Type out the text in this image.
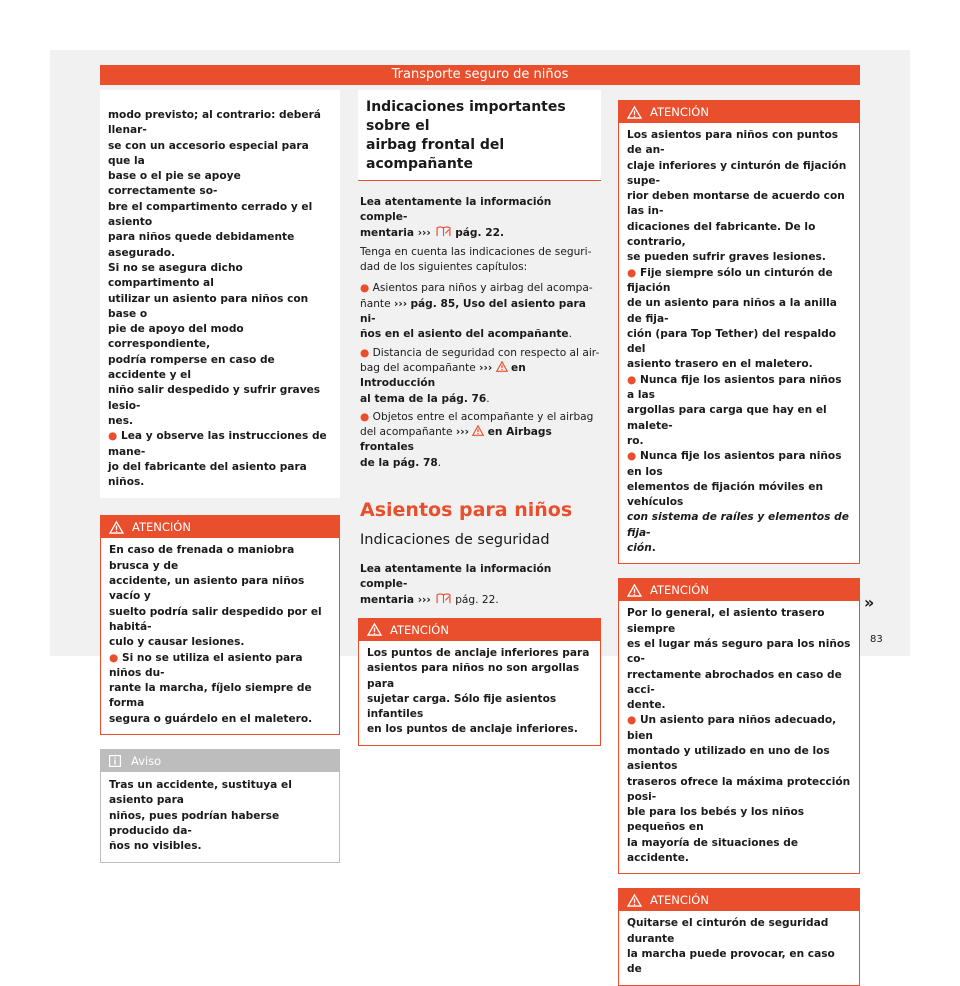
Transporte seguro de niños
modo previsto; al contrario: deberá llenar-
se con un accesorio especial para que la
base o el pie se apoye correctamente so-
bre el compartimento cerrado y el asiento
para niños quede debidamente asegurado.
Si no se asegura dicho compartimento al
utilizar un asiento para niños con base o
pie de apoyo del modo correspondiente,
podría romperse en caso de accidente y el
niño salir despedido y sufrir graves lesio-
nes.
● Lea y observe las instrucciones de mane-
jo del fabricante del asiento para niños.
ATENCIÓN
En caso de frenada o maniobra brusca y de
accidente, un asiento para niños vacío y
suelto podría salir despedido por el habitá-
culo y causar lesiones.
● Si no se utiliza el asiento para niños du-
rante la marcha, fíjelo siempre de forma
segura o guárdelo en el maletero.
Aviso
Tras un accidente, sustituya el asiento para
niños, pues podrían haberse producido da-
ños no visibles.
Indicaciones importantes sobre el
airbag frontal del acompañante
Lea atentamente la información comple-
mentaria ››› pág. 22.
Tenga en cuenta las indicaciones de seguri-
dad de los siguientes capítulos:
● Asientos para niños y airbag del acompa-
ñante ››› pág. 85, Uso del asiento para ni-
ños en el asiento del acompañante.
● Distancia de seguridad con respecto al air-
bag del acompañante ››› en Introducción
al tema de la pág. 76.
● Objetos entre el acompañante y el airbag
del acompañante ››› en Airbags frontales
de la pág. 78.
Asientos para niños
Indicaciones de seguridad
Lea atentamente la información comple-
mentaria ››› pág. 22.
ATENCIÓN
Los puntos de anclaje inferiores para
asientos para niños no son argollas para
sujetar carga. Sólo fije asientos infantiles
en los puntos de anclaje inferiores.
ATENCIÓN
Los asientos para niños con puntos de an-
claje inferiores y cinturón de fijación supe-
rior deben montarse de acuerdo con las in-
dicaciones del fabricante. De lo contrario,
se pueden sufrir graves lesiones.
● Fije siempre sólo un cinturón de fijación
de un asiento para niños a la anilla de fija-
ción (para Top Tether) del respaldo del
asiento trasero en el maletero.
● Nunca fije los asientos para niños a las
argollas para carga que hay en el malete-
ro.
● Nunca fije los asientos para niños en los
elementos de fijación móviles en vehículos
con sistema de raíles y elementos de fija-
ción.
ATENCIÓN
Por lo general, el asiento trasero siempre
es el lugar más seguro para los niños co-
rrectamente abrochados en caso de acci-
dente.
● Un asiento para niños adecuado, bien
montado y utilizado en uno de los asientos
traseros ofrece la máxima protección posi-
ble para los bebés y los niños pequeños en
la mayoría de situaciones de accidente.
ATENCIÓN
Quitarse el cinturón de seguridad durante
la marcha puede provocar, en caso de
»
83
